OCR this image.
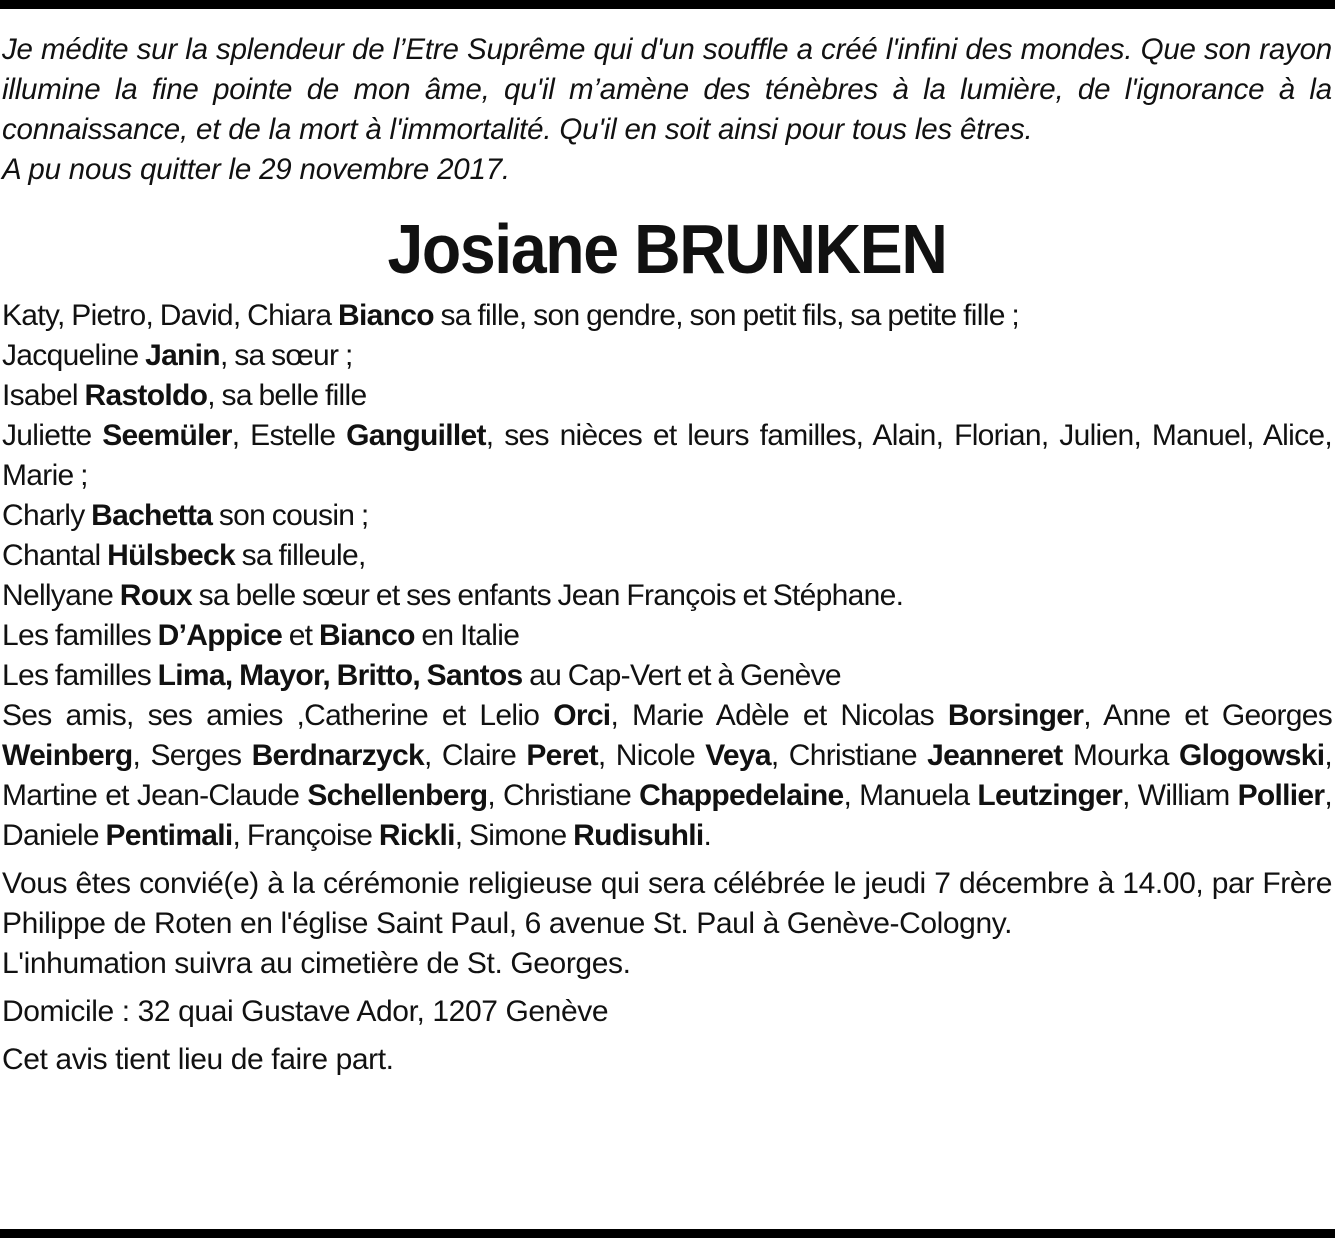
Je médite sur la splendeur de l’Etre Suprême qui d'un souffle a créé l'infini des mondes. Que son rayon illumine la fine pointe de mon âme, qu'il m’amène des ténèbres à la lumière, de l'ignorance à la connaissance, et de la mort à l'immortalité. Qu'il en soit ainsi pour tous les êtres.

A pu nous quitter le 29 novembre 2017.

Josiane BRUNKEN

Katy, Pietro, David, Chiara Bianco sa fille, son gendre, son petit fils, sa petite fille ;

Jacqueline Janin, sa sœur ;

Isabel Rastoldo, sa belle fille

Juliette Seemüler, Estelle Ganguillet, ses nièces et leurs familles, Alain, Florian, Julien, Manuel, Alice, Marie ;

Charly Bachetta son cousin ;

Chantal Hülsbeck sa filleule,

Nellyane Roux sa belle sœur et ses enfants Jean François et Stéphane.

Les familles D’Appice et Bianco en Italie

Les familles Lima, Mayor, Britto, Santos au Cap-Vert et à Genève

Ses amis, ses amies ,Catherine et Lelio Orci, Marie Adèle et Nicolas Borsinger, Anne et Georges Weinberg, Serges Berdnarzyck, Claire Peret, Nicole Veya, Christiane Jeanneret Mourka Glogowski, Martine et Jean-Claude Schellenberg, Christiane Chappedelaine, Manuela Leutzinger, William Pollier, Daniele Pentimali, Françoise Rickli, Simone Rudisuhli.

Vous êtes convié(e) à la cérémonie religieuse qui sera célébrée le jeudi 7 décembre à 14.00, par Frère Philippe de Roten en l'église Saint Paul, 6 avenue St. Paul à Genève-Cologny.

L'inhumation suivra au cimetière de St. Georges.

Domicile : 32 quai Gustave Ador, 1207 Genève

Cet avis tient lieu de faire part.
